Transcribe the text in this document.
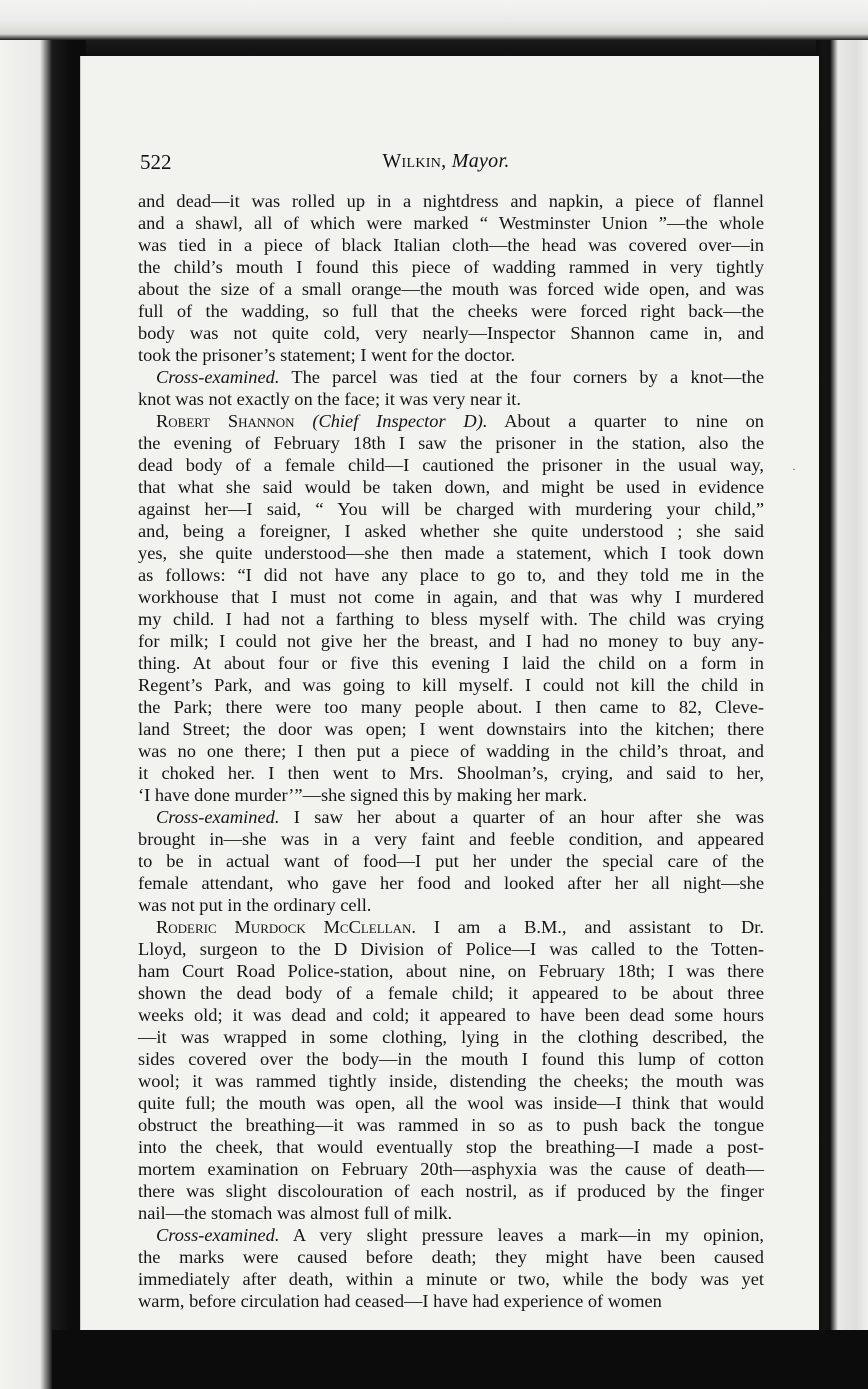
522	Wilkin, Mayor.
and dead—it was rolled up in a nightdress and napkin, a piece of flannel
and a shawl, all of which were marked “ Westminster Union ”—the whole
was tied in a piece of black Italian cloth—the head was covered over—in
the child’s mouth I found this piece of wadding rammed in very tightly
about the size of a small orange—the mouth was forced wide open, and was
full of the wadding, so full that the cheeks were forced right back—the
body was not quite cold, very nearly—Inspector Shannon came in, and
took the prisoner’s statement; I went for the doctor.
Cross-examined. The parcel was tied at the four corners by a knot—the
knot was not exactly on the face; it was very near it.
Robert Shannon (Chief Inspector D). About a quarter to nine on
the evening of February 18th I saw the prisoner in the station, also the
dead body of a female child—I cautioned the prisoner in the usual way,
that what she said would be taken down, and might be used in evidence
against her—I said, “ You will be charged with murdering your child,”
and, being a foreigner, I asked whether she quite understood ; she said
yes, she quite understood—she then made a statement, which I took down
as follows: “I did not have any place to go to, and they told me in the
workhouse that I must not come in again, and that was why I murdered
my child. I had not a farthing to bless myself with. The child was crying
for milk; I could not give her the breast, and I had no money to buy any-
thing. At about four or five this evening I laid the child on a form in
Regent’s Park, and was going to kill myself. I could not kill the child in
the Park; there were too many people about. I then came to 82, Cleve-
land Street; the door was open; I went downstairs into the kitchen; there
was no one there; I then put a piece of wadding in the child’s throat, and
it choked her. I then went to Mrs. Shoolman’s, crying, and said to her,
‘I have done murder’”—she signed this by making her mark.
Cross-examined. I saw her about a quarter of an hour after she was
brought in—she was in a very faint and feeble condition, and appeared
to be in actual want of food—I put her under the special care of the
female attendant, who gave her food and looked after her all night—she
was not put in the ordinary cell.
Roderic Murdock McClellan. I am a B.M., and assistant to Dr.
Lloyd, surgeon to the D Division of Police—I was called to the Totten-
ham Court Road Police-station, about nine, on February 18th; I was there
shown the dead body of a female child; it appeared to be about three
weeks old; it was dead and cold; it appeared to have been dead some hours
—it was wrapped in some clothing, lying in the clothing described, the
sides covered over the body—in the mouth I found this lump of cotton
wool; it was rammed tightly inside, distending the cheeks; the mouth was
quite full; the mouth was open, all the wool was inside—I think that would
obstruct the breathing—it was rammed in so as to push back the tongue
into the cheek, that would eventually stop the breathing—I made a post-
mortem examination on February 20th—asphyxia was the cause of death—
there was slight discolouration of each nostril, as if produced by the finger
nail—the stomach was almost full of milk.
Cross-examined. A very slight pressure leaves a mark—in my opinion,
the marks were caused before death; they might have been caused
immediately after death, within a minute or two, while the body was yet
warm, before circulation had ceased—I have had experience of women
·
